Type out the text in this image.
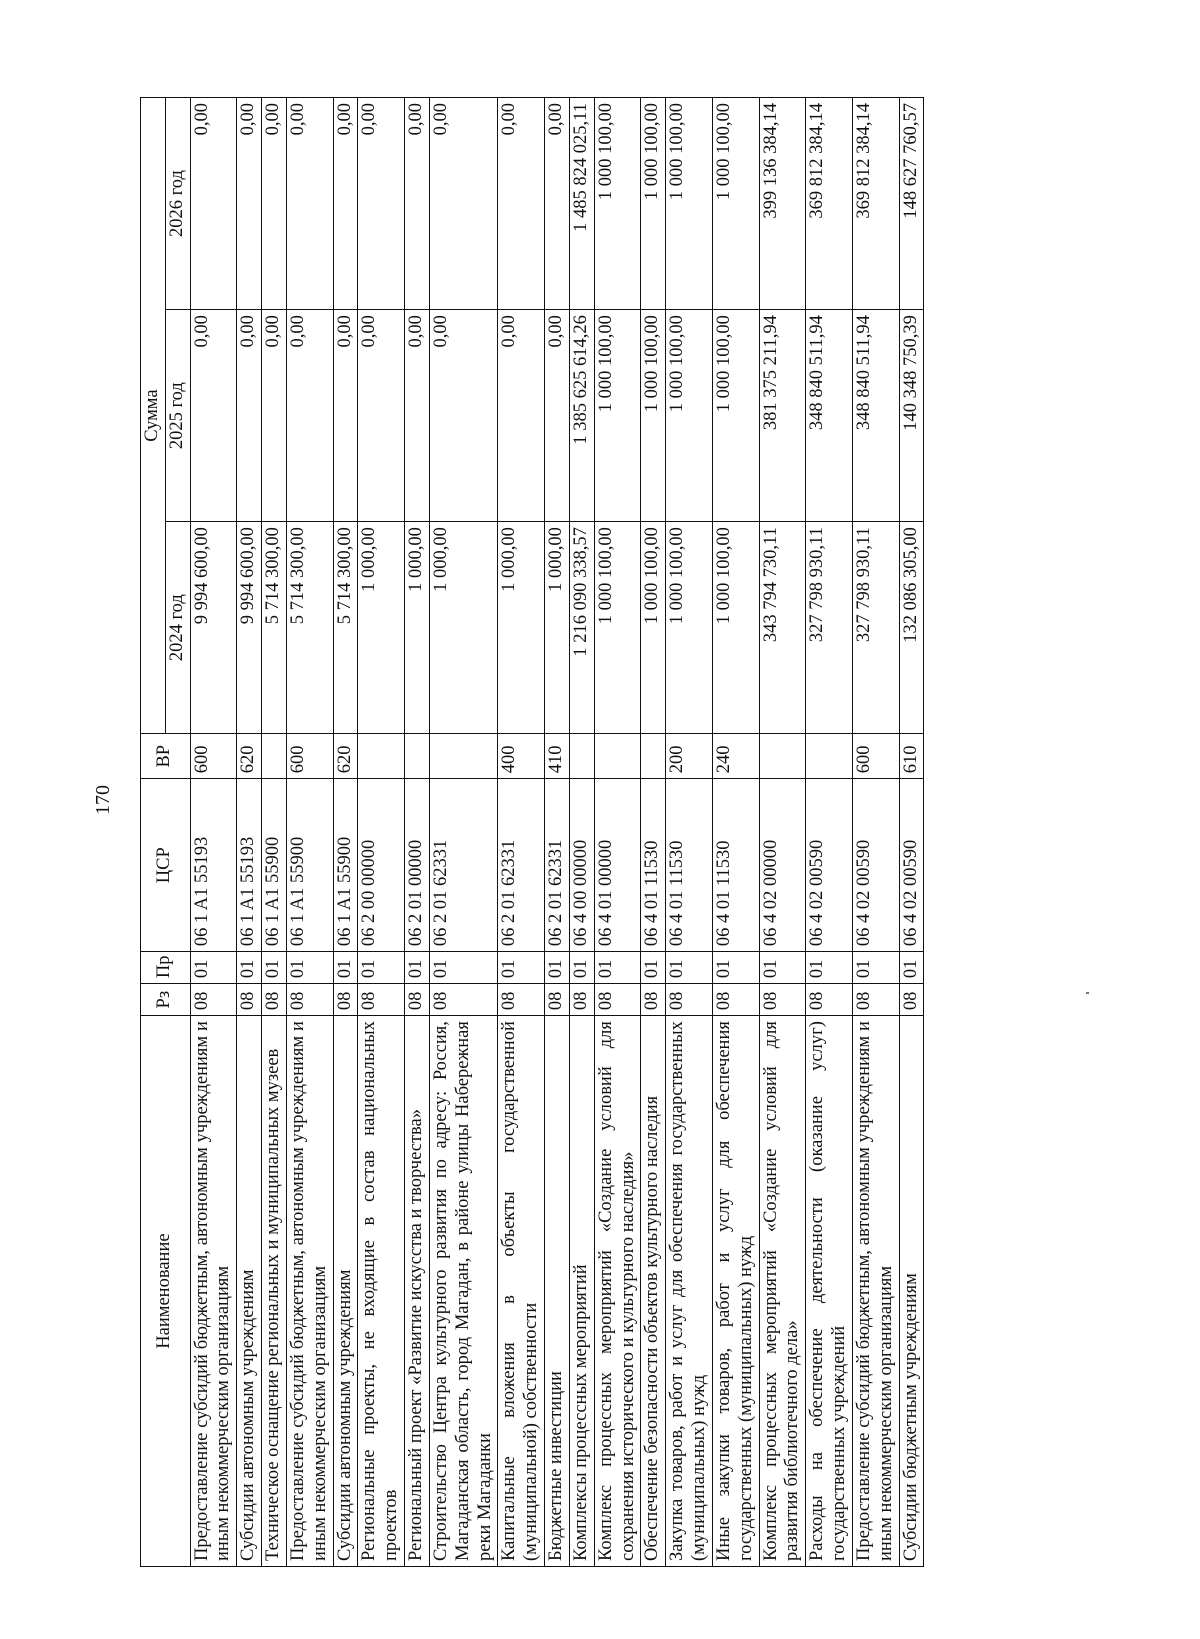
170
Наименование	Рз	Пр	ЦСР	ВР	Сумма		
					2024 год	2025 год	2026 год
Предоставление субсидий бюджетным, автономным учреждениям и иным некоммерческим организациям	08	01	06 1 A1 55193	600	9 994 600,00	0,00	0,00
Субсидии автономным учреждениям	08	01	06 1 A1 55193	620	9 994 600,00	0,00	0,00
Техническое оснащение региональных и муниципальных музеев	08	01	06 1 A1 55900		5 714 300,00	0,00	0,00
Предоставление субсидий бюджетным, автономным учреждениям и иным некоммерческим организациям	08	01	06 1 A1 55900	600	5 714 300,00	0,00	0,00
Субсидии автономным учреждениям	08	01	06 1 A1 55900	620	5 714 300,00	0,00	0,00
Региональные проекты, не входящие в состав национальных проектов	08	01	06 2 00 00000		1 000,00	0,00	0,00
Региональный проект «Развитие искусства и творчества»	08	01	06 2 01 00000		1 000,00	0,00	0,00
Строительство Центра культурного развития по адресу: Россия, Магаданская область, город Магадан, в районе улицы Набережная реки Магаданки	08	01	06 2 01 62331		1 000,00	0,00	0,00
Капитальные вложения в объекты государственной (муниципальной) собственности	08	01	06 2 01 62331	400	1 000,00	0,00	0,00
Бюджетные инвестиции	08	01	06 2 01 62331	410	1 000,00	0,00	0,00
Комплексы процессных мероприятий	08	01	06 4 00 00000		1 216 090 338,57	1 385 625 614,26	1 485 824 025,11
Комплекс процессных мероприятий «Создание условий для сохранения исторического и культурного наследия»	08	01	06 4 01 00000		1 000 100,00	1 000 100,00	1 000 100,00
Обеспечение безопасности объектов культурного наследия	08	01	06 4 01 11530		1 000 100,00	1 000 100,00	1 000 100,00
Закупка товаров, работ и услуг для обеспечения государственных (муниципальных) нужд	08	01	06 4 01 11530	200	1 000 100,00	1 000 100,00	1 000 100,00
Иные закупки товаров, работ и услуг для обеспечения государственных (муниципальных) нужд	08	01	06 4 01 11530	240	1 000 100,00	1 000 100,00	1 000 100,00
Комплекс процессных мероприятий «Создание условий для развития библиотечного дела»	08	01	06 4 02 00000		343 794 730,11	381 375 211,94	399 136 384,14
Расходы на обеспечение деятельности (оказание услуг) государственных учреждений	08	01	06 4 02 00590		327 798 930,11	348 840 511,94	369 812 384,14
Предоставление субсидий бюджетным, автономным учреждениям и иным некоммерческим организациям	08	01	06 4 02 00590	600	327 798 930,11	348 840 511,94	369 812 384,14
Субсидии бюджетным учреждениям	08	01	06 4 02 00590	610	132 086 305,00	140 348 750,39	148 627 760,57
